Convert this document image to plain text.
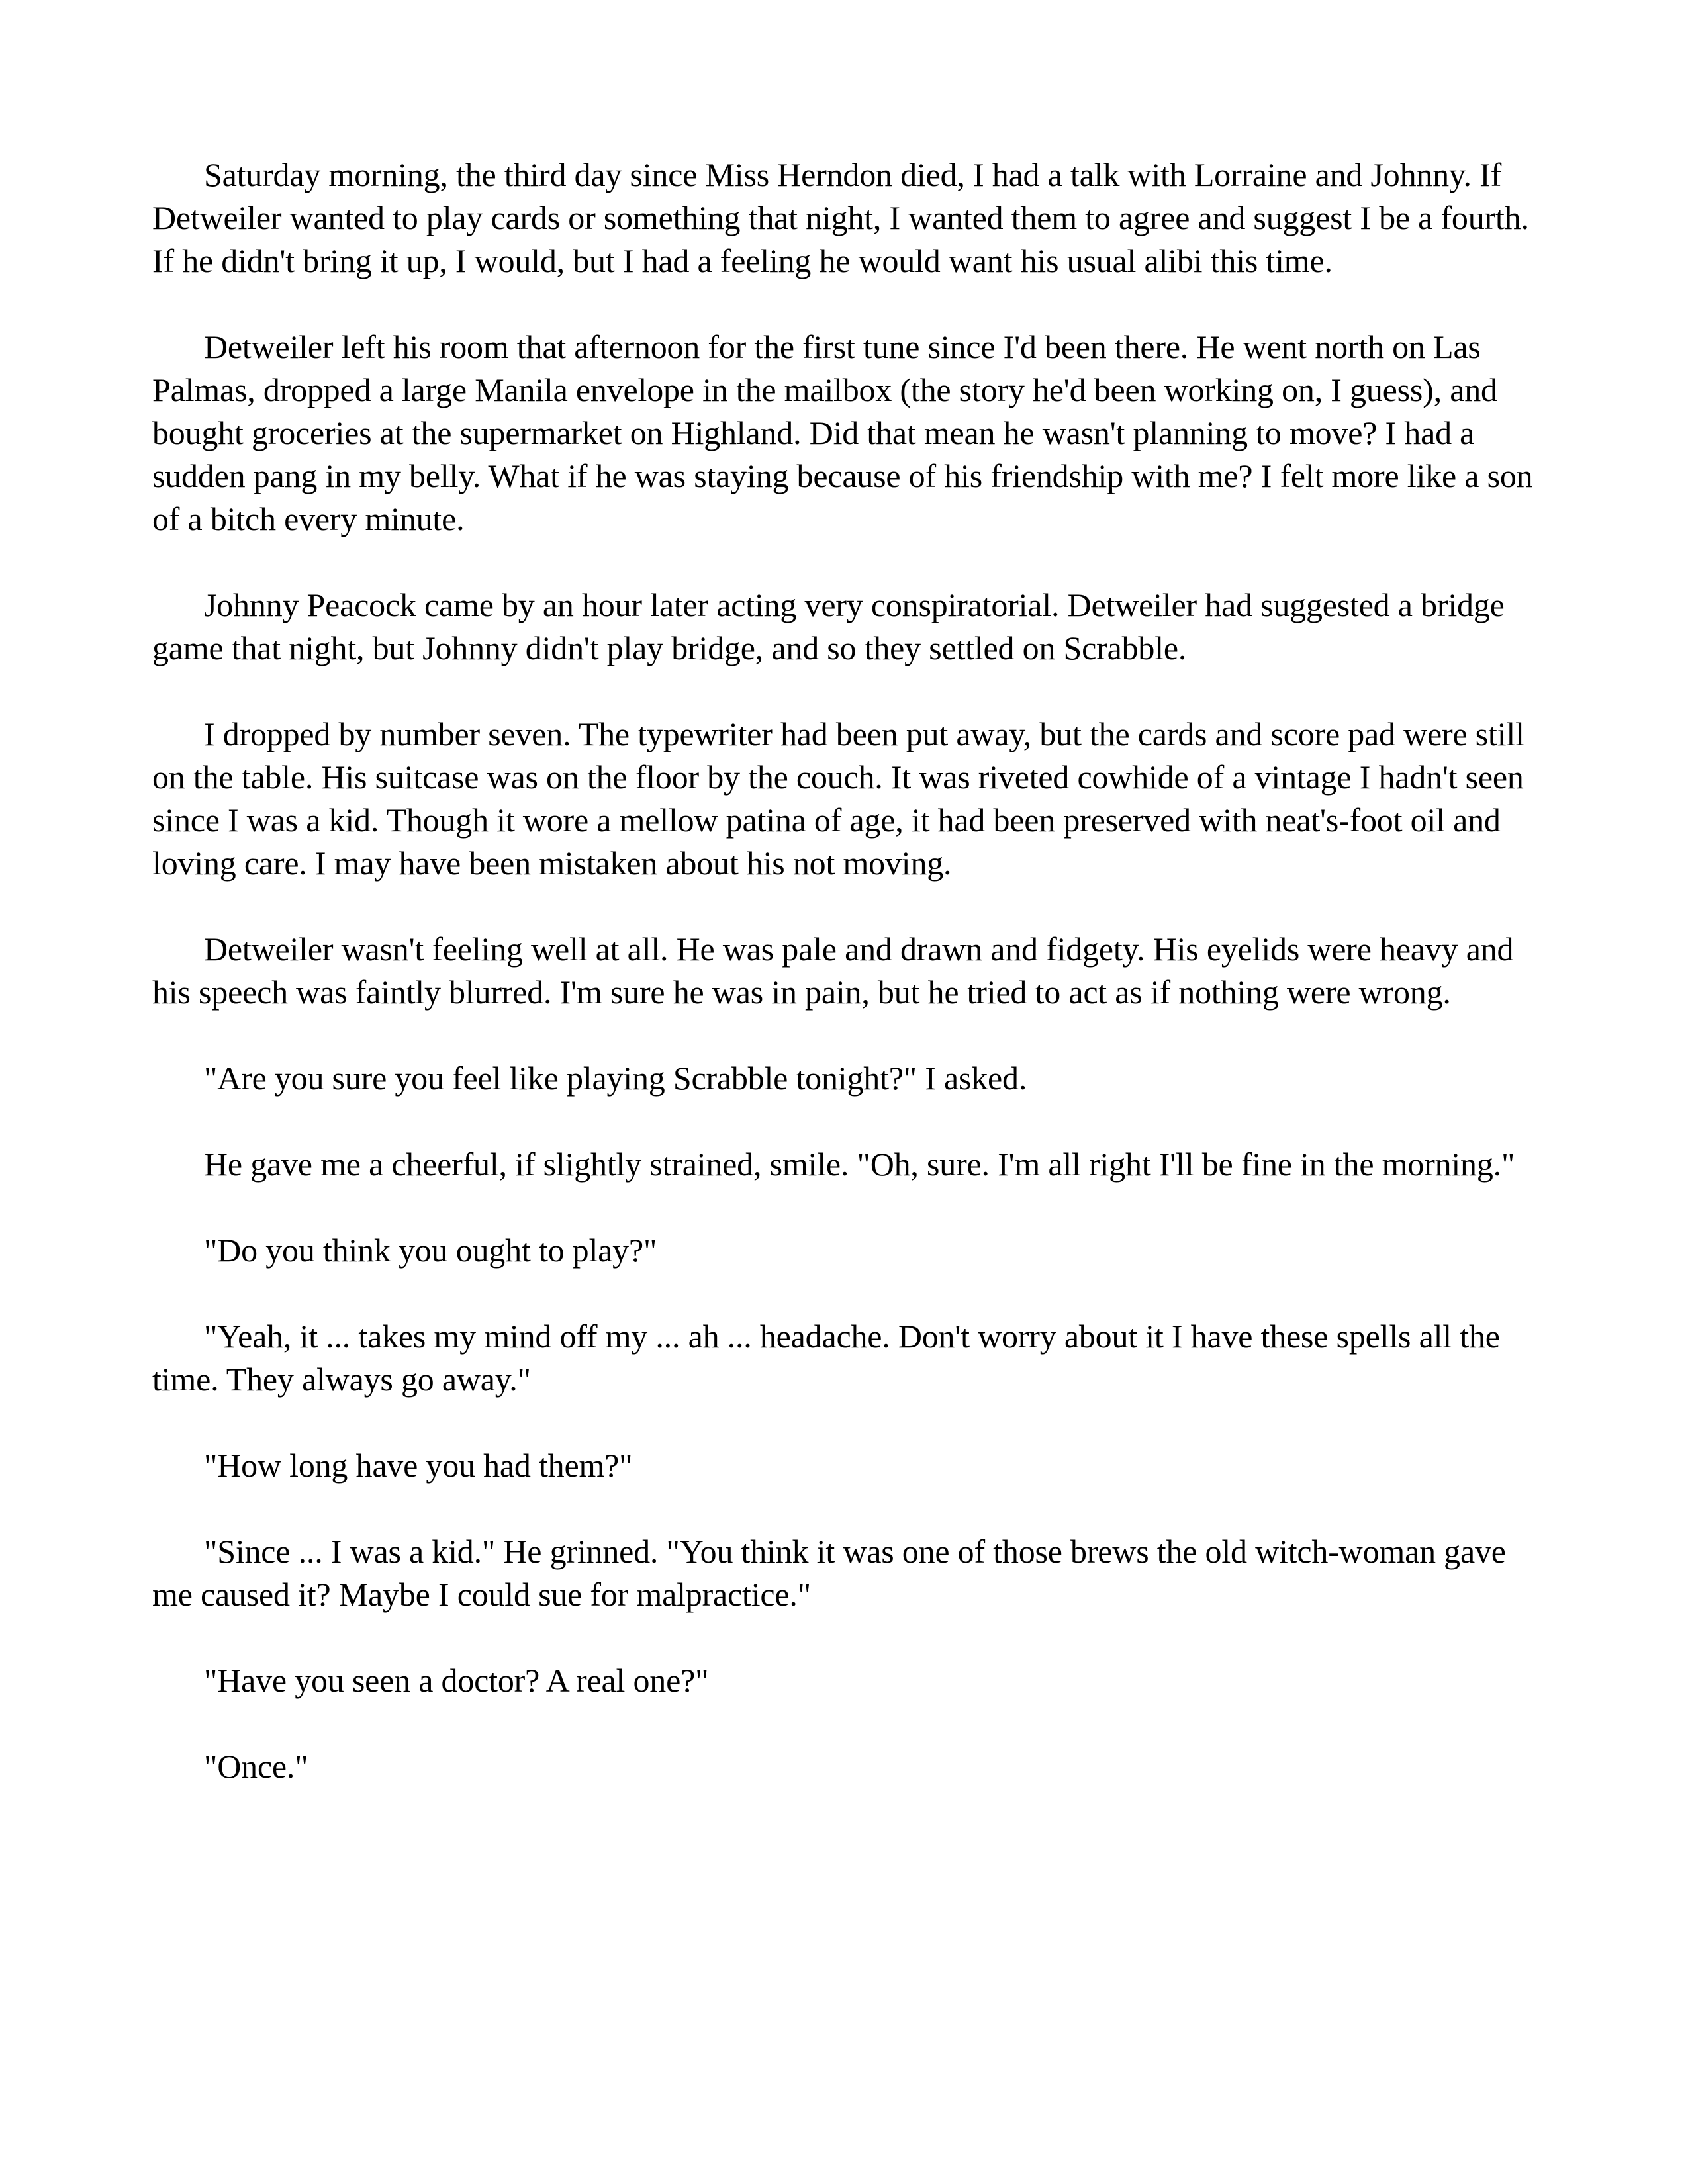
Saturday morning, the third day since Miss Herndon died, I had a talk with Lorraine and Johnny. If Detweiler wanted to play cards or something that night, I wanted them to agree and suggest I be a fourth. If he didn't bring it up, I would, but I had a feeling he would want his usual alibi this time.

Detweiler left his room that afternoon for the first tune since I'd been there. He went north on Las Palmas, dropped a large Manila envelope in the mailbox (the story he'd been working on, I guess), and bought groceries at the supermarket on Highland. Did that mean he wasn't planning to move? I had a sudden pang in my belly. What if he was staying because of his friendship with me? I felt more like a son of a bitch every minute.

Johnny Peacock came by an hour later acting very conspiratorial. Detweiler had suggested a bridge game that night, but Johnny didn't play bridge, and so they settled on Scrabble.

I dropped by number seven. The typewriter had been put away, but the cards and score pad were still on the table. His suitcase was on the floor by the couch. It was riveted cowhide of a vintage I hadn't seen since I was a kid. Though it wore a mellow patina of age, it had been preserved with neat's-foot oil and loving care. I may have been mistaken about his not moving.

Detweiler wasn't feeling well at all. He was pale and drawn and fidgety. His eyelids were heavy and his speech was faintly blurred. I'm sure he was in pain, but he tried to act as if nothing were wrong.

"Are you sure you feel like playing Scrabble tonight?" I asked.

He gave me a cheerful, if slightly strained, smile. "Oh, sure. I'm all right I'll be fine in the morning."

"Do you think you ought to play?"

"Yeah, it ... takes my mind off my ... ah ... headache. Don't worry about it I have these spells all the time. They always go away."

"How long have you had them?"

"Since ... I was a kid." He grinned. "You think it was one of those brews the old witch-woman gave me caused it? Maybe I could sue for malpractice."

"Have you seen a doctor? A real one?"

"Once."
